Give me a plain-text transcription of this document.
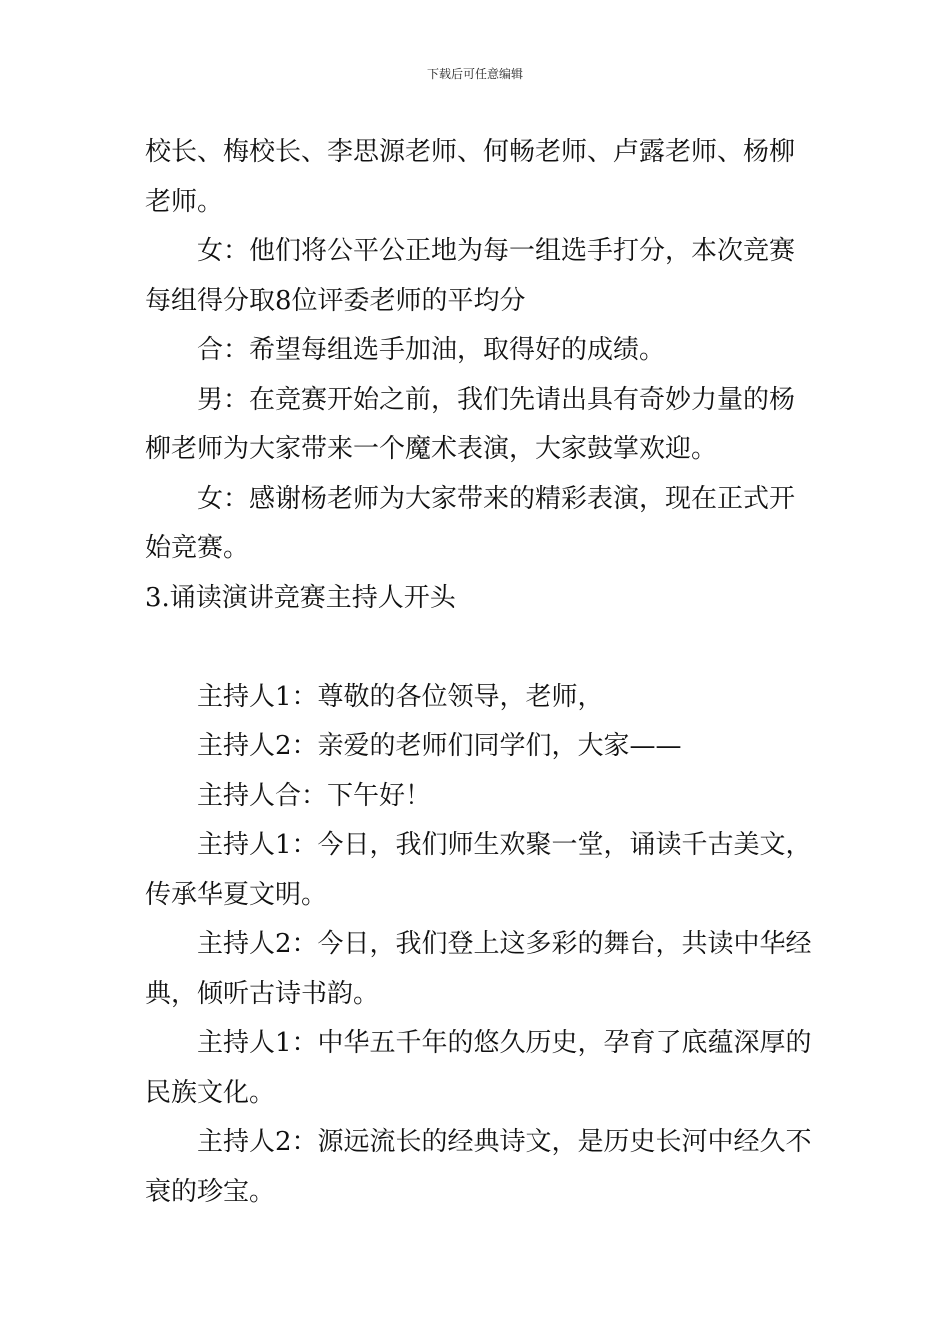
下载后可任意编辑

校长、梅校长、李思源老师、何畅老师、卢露老师、杨柳

老师。

女：他们将公平公正地为每一组选手打分，本次竞赛

每组得分取8位评委老师的平均分

合：希望每组选手加油，取得好的成绩。

男：在竞赛开始之前，我们先请出具有奇妙力量的杨

柳老师为大家带来一个魔术表演，大家鼓掌欢迎。

女：感谢杨老师为大家带来的精彩表演，现在正式开

始竞赛。

3.诵读演讲竞赛主持人开头

主持人1：尊敬的各位领导，老师，

主持人2：亲爱的老师们同学们，大家——

主持人合：下午好！

主持人1：今日，我们师生欢聚一堂，诵读千古美文，

传承华夏文明。

主持人2：今日，我们登上这多彩的舞台，共读中华经

典，倾听古诗书韵。

主持人1：中华五千年的悠久历史，孕育了底蕴深厚的

民族文化。

主持人2：源远流长的经典诗文，是历史长河中经久不

衰的珍宝。
